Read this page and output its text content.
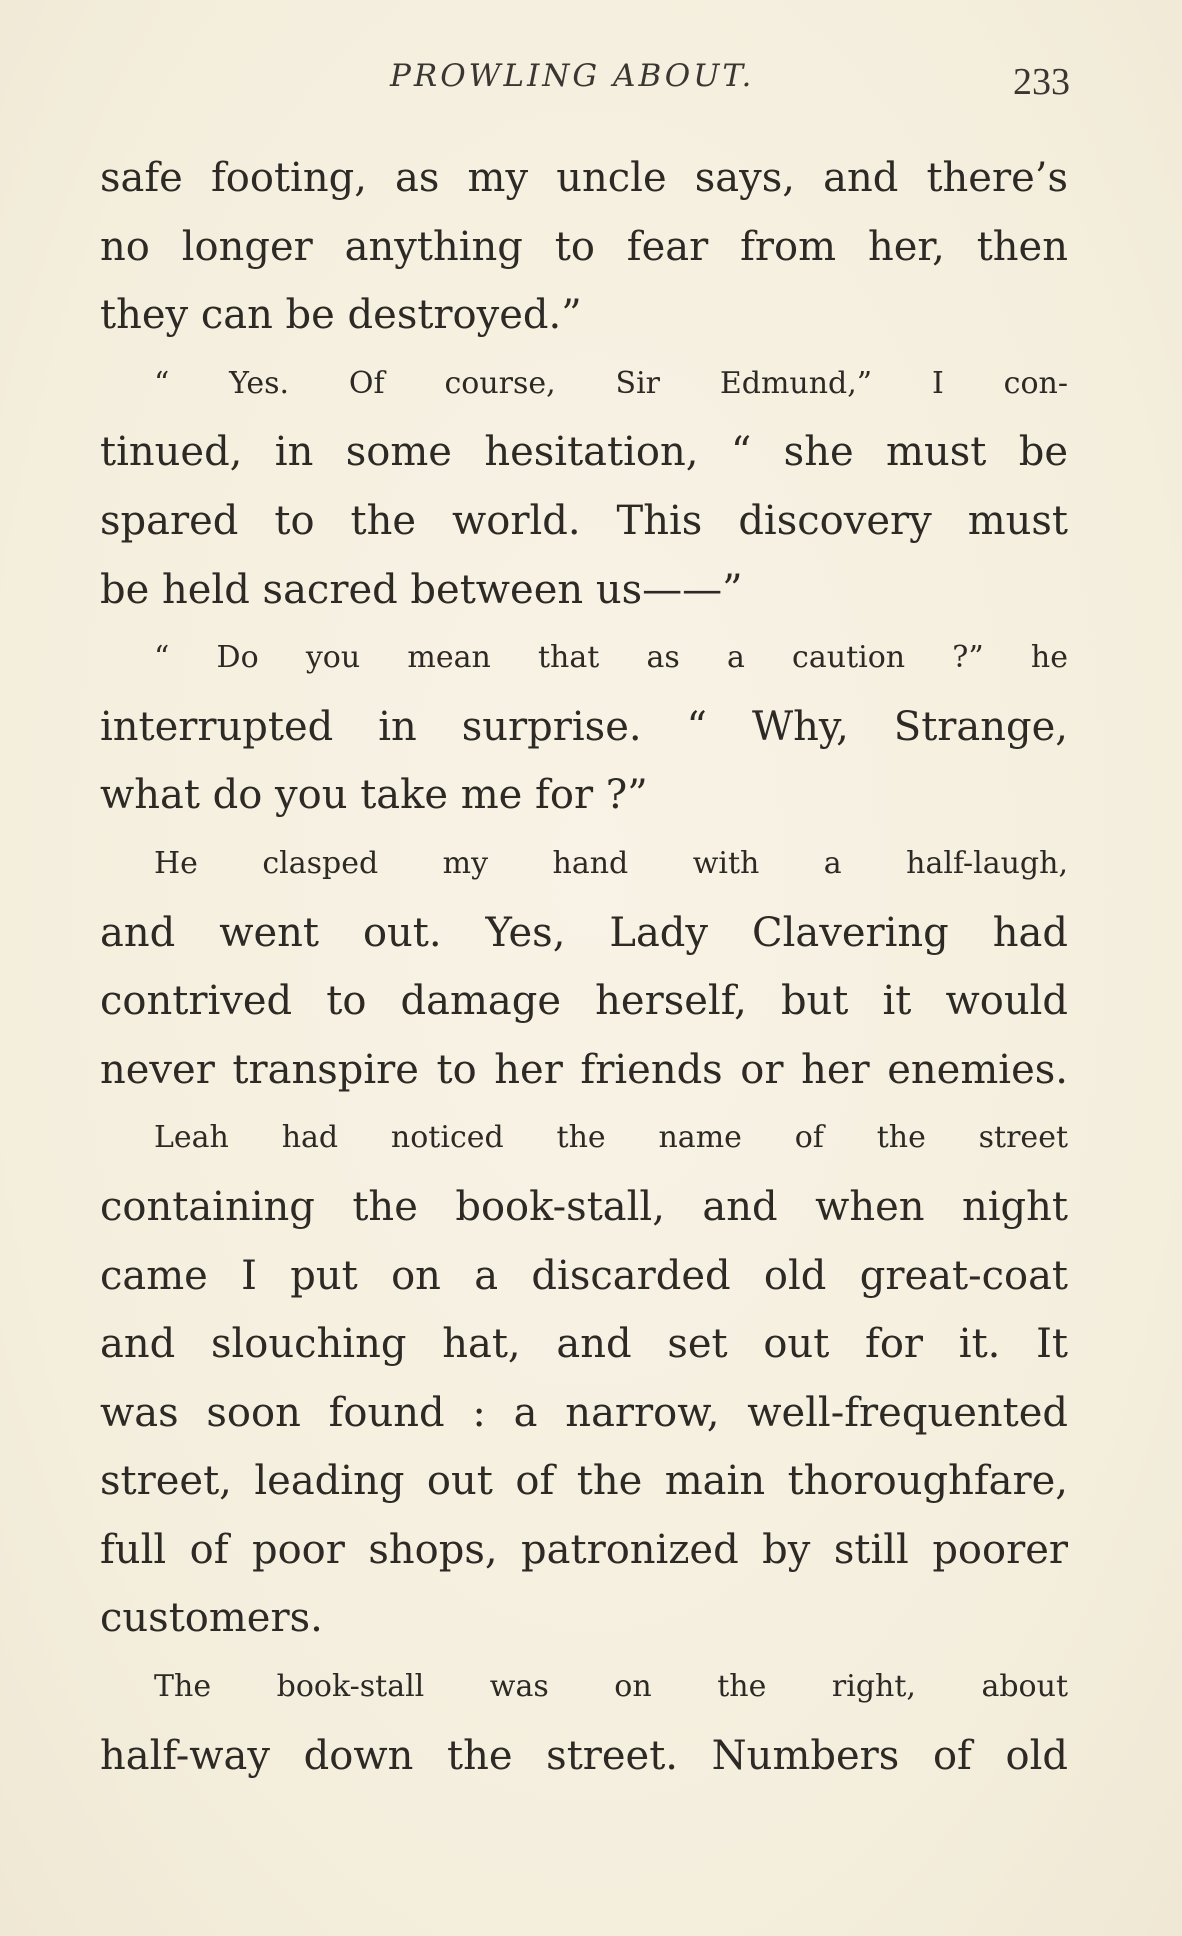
PROWLING ABOUT.	233
safe footing, as my uncle says, and there’s
no longer anything to fear from her, then
they can be destroyed.”
“ Yes. Of course, Sir Edmund,” I con-
tinued, in some hesitation, “ she must be
spared to the world. This discovery must
be held sacred between us——”
“ Do you mean that as a caution ?” he
interrupted in surprise. “ Why, Strange,
what do you take me for ?”
He clasped my hand with a half-laugh,
and went out. Yes, Lady Clavering had
contrived to damage herself, but it would
never transpire to her friends or her enemies.
Leah had noticed the name of the street
containing the book-stall, and when night
came I put on a discarded old great-coat
and slouching hat, and set out for it. It
was soon found : a narrow, well-frequented
street, leading out of the main thoroughfare,
full of poor shops, patronized by still poorer
customers.
The book-stall was on the right, about
half-way down the street. Numbers of old
